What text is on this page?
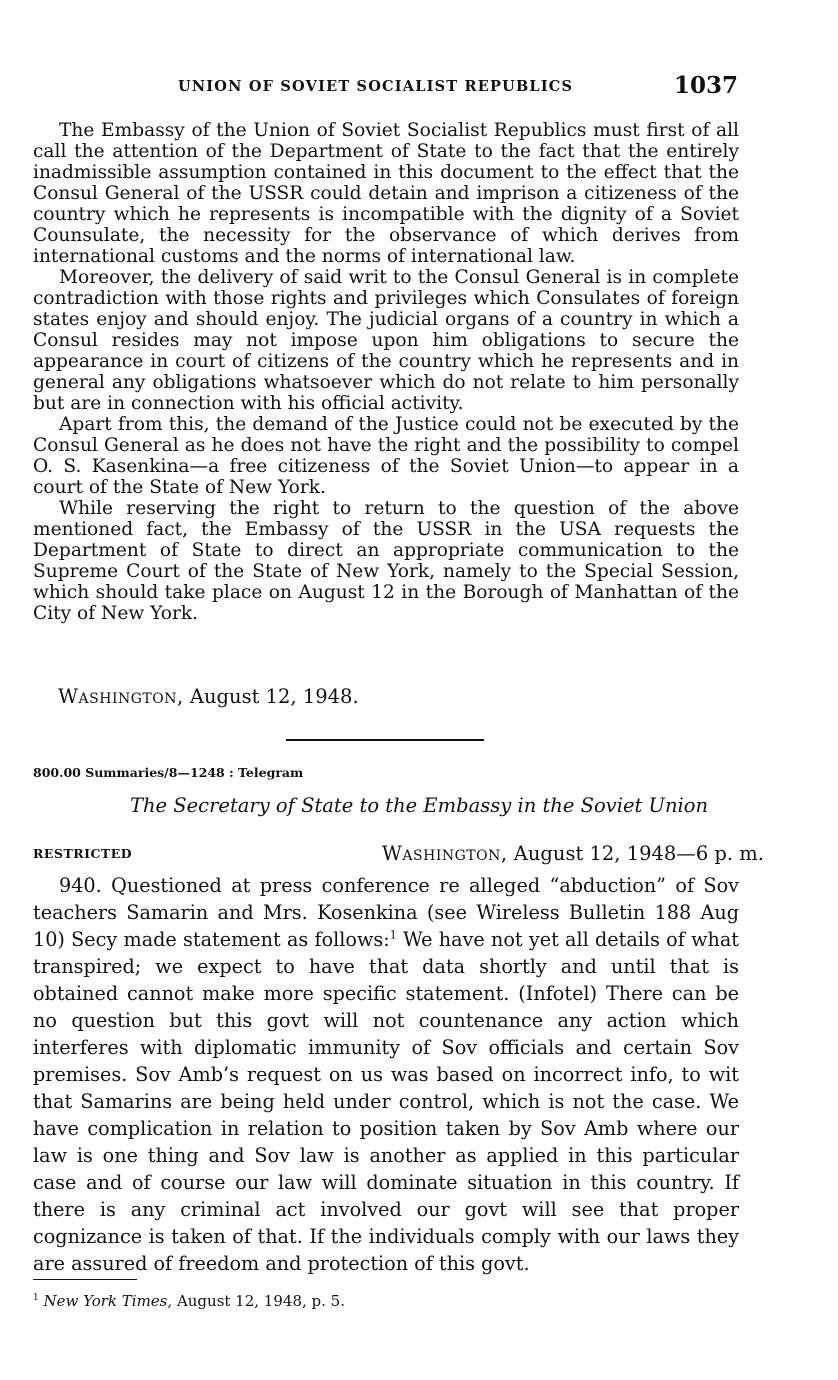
UNION OF SOVIET SOCIALIST REPUBLICS	1037

The Embassy of the Union of Soviet Socialist Republics must first of all call the attention of the Department of State to the fact that the entirely inadmissible assumption contained in this document to the effect that the Consul General of the USSR could detain and imprison a citizeness of the country which he represents is incompatible with the dignity of a Soviet Counsulate, the necessity for the observance of which derives from international customs and the norms of international law.

Moreover, the delivery of said writ to the Consul General is in complete contradiction with those rights and privileges which Consulates of foreign states enjoy and should enjoy. The judicial organs of a country in which a Consul resides may not impose upon him obligations to secure the appearance in court of citizens of the country which he represents and in general any obligations whatsoever which do not relate to him personally but are in connection with his official activity.

Apart from this, the demand of the Justice could not be executed by the Consul General as he does not have the right and the possibility to compel O. S. Kasenkina—a free citizeness of the Soviet Union—to appear in a court of the State of New York.

While reserving the right to return to the question of the above mentioned fact, the Embassy of the USSR in the USA requests the Department of State to direct an appropriate communication to the Supreme Court of the State of New York, namely to the Special Session, which should take place on August 12 in the Borough of Manhattan of the City of New York.

Washington, August 12, 1948.
800.00 Summaries/8—1248 : Telegram
The Secretary of State to the Embassy in the Soviet Union
RESTRICTED	Washington, August 12, 1948—6 p. m.

940. Questioned at press conference re alleged “abduction” of Sov teachers Samarin and Mrs. Kosenkina (see Wireless Bulletin 188 Aug 10) Secy made statement as follows:$^1$ We have not yet all details of what transpired; we expect to have that data shortly and until that is obtained cannot make more specific statement. (Infotel) There can be no question but this govt will not countenance any action which interferes with diplomatic immunity of Sov officials and certain Sov premises. Sov Amb’s request on us was based on incorrect info, to wit that Samarins are being held under control, which is not the case. We have complication in relation to position taken by Sov Amb where our law is one thing and Sov law is another as applied in this particular case and of course our law will dominate situation in this country. If there is any criminal act involved our govt will see that proper cognizance is taken of that. If the individuals comply with our laws they are assured of freedom and protection of this govt.

$^1$ New York Times, August 12, 1948, p. 5.
